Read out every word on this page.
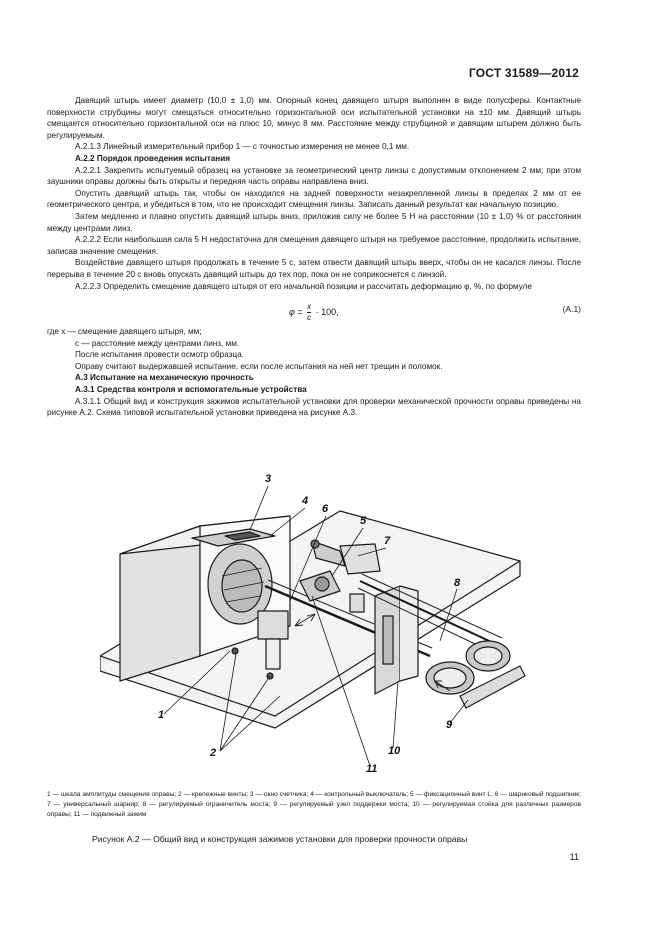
ГОСТ 31589—2012

Давящий штырь имеет диаметр (10,0 ± 1,0) мм. Опорный конец давящего штыря выполнен в виде полусферы. Контактные поверхности струбцины могут смещаться относительно горизонтальной оси испытательной установки на ±10 мм. Давящий штырь смещается относительно горизонтальной оси на плюс 10, минус 8 мм. Расстояние между струбциной и давящим штырем должно быть регулируемым.

А.2.1.3 Линейный измерительный прибор 1 — с точностью измерения не менее 0,1 мм.

А.2.2 Порядок проведения испытания

А.2.2.1 Закрепить испытуемый образец на установке за геометрический центр линзы с допустимым отклонением 2 мм; при этом заушники оправы должны быть открыты и передняя часть оправы направлена вниз.

Опустить давящий штырь так, чтобы он находился на задней поверхности незакрепленной линзы в пределах 2 мм от ее геометрического центра, и убедиться в том, что не происходит смещения линзы. Записать данный результат как начальную позицию.

Затем медленно и плавно опустить давящий штырь вниз, приложив силу не более 5 Н на расстоянии (10 ± 1,0) % от расстояния между центрами линз.

А.2.2.2 Если наибольшая сила 5 Н недостаточна для смещения давящего штыря на требуемое расстояние, продолжить испытание, записав значение смещения.

Воздействие давящего штыря продолжать в течение 5 с, затем отвести давящий штырь вверх, чтобы он не касался линзы. После перерыва в течение 20 с вновь опускать давящий штырь до тех пор, пока он не соприкоснется с линзой.

А.2.2.3 Определить смещение давящего штыря от его начальной позиции и рассчитать деформацию φ, %, по формуле

$\varphi = \frac{x}{c} \cdot 100$,	(А.1)

где x — смещение давящего штыря, мм;

c — расстояние между центрами линз, мм.

После испытания провести осмотр образца.

Оправу считают выдержавшей испытание, если после испытания на ней нет трещин и поломок.

А.3 Испытание на механическую прочность

А.3.1 Средства контроля и вспомогательные устройства

А.3.1.1 Общий вид и конструкция зажимов испытательной установки для проверки механической прочности оправы приведены на рисунке А.2. Схема типовой испытательной установки приведена на рисунке А.3.

1
2
3
4
5
6
7
8
9
10
11
1 — шкала амплитуды смещения оправы; 2 — крепежные винты; 3 — окно счетчика; 4 — контрольный выключатель; 5 — фиксационный винт L; 6 — шариковый подшипник; 7 — универсальный шарнир; 8 — регулируемый ограничитель моста; 9 — регулируемый узел поддержки моста; 10 — регулируемая стойка для различных размеров оправы; 11 — подвижный зажим
Рисунок А.2 — Общий вид и конструкция зажимов установки для проверки прочности оправы
11
